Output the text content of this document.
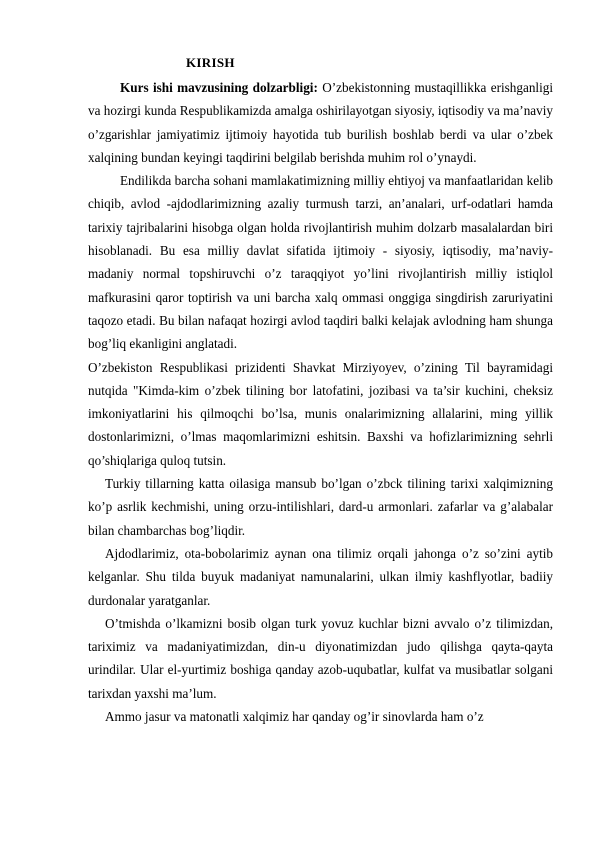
KIRISH

Kurs ishi mavzusining dolzarbligi: O’zbekistonning mustaqillikka erishganligi va hozirgi kunda Respublikamizda amalga oshirilayotgan siyosiy, iqtisodiy va ma’naviy o’zgarishlar jamiyatimiz ijtimoiy hayotida tub burilish boshlab berdi va ular o’zbek xalqining bundan keyingi taqdirini belgilab berishda muhim rol o’ynaydi.

Endilikda barcha sohani mamlakatimizning milliy ehtiyoj va manfaatlaridan kelib chiqib, avlod -ajdodlarimizning azaliy turmush tarzi, an’analari, urf-odatlari hamda tarixiy tajribalarini hisobga olgan holda rivojlantirish muhim dolzarb masalalardan biri hisoblanadi. Bu esa milliy davlat sifatida ijtimoiy - siyosiy, iqtisodiy, ma’naviy-madaniy normal topshiruvchi o’z taraqqiyot yo’lini rivojlantirish milliy istiqlol mafkurasini qaror toptirish va uni barcha xalq ommasi onggiga singdirish zaruriyatini taqozo etadi. Bu bilan nafaqat hozirgi avlod taqdiri balki kelajak avlodning ham shunga bog’liq ekanligini anglatadi.

O’zbekiston Respublikasi prizidenti Shavkat Mirziyoyev, o’zining Til bayramidagi nutqida "Kimda-kim o’zbek tilining bor latofatini, jozibasi va ta’sir kuchini, cheksiz imkoniyatlarini his qilmoqchi bo’lsa, munis onalarimizning allalarini, ming yillik dostonlarimizni, o’lmas maqomlarimizni eshitsin. Baxshi va hofizlarimizning sehrli qo’shiqlariga quloq tutsin.

Turkiy tillarning katta oilasiga mansub bo’lgan o’zbck tilining tarixi xalqimizning ko’p asrlik kechmishi, uning orzu-intilishlari, dard-u armonlari. zafarlar va g’alabalar bilan chambarchas bog’liqdir.

Ajdodlarimiz, ota-bobolarimiz aynan ona tilimiz orqali jahonga o’z so’zini aytib kelganlar. Shu tilda buyuk madaniyat namunalarini, ulkan ilmiy kashflyotlar, badiiy durdonalar yaratganlar.

O’tmishda o’lkamizni bosib olgan turk yovuz kuchlar bizni avvalo o’z tilimizdan, tariximiz va madaniyatimizdan, din-u diyonatimizdan judo qilishga qayta-qayta urindilar. Ular el-yurtimiz boshiga qanday azob-uqubatlar, kulfat va musibatlar solgani tarixdan yaxshi ma’lum.

Ammo jasur va matonatli xalqimiz har qanday og’ir sinovlarda ham o’z
